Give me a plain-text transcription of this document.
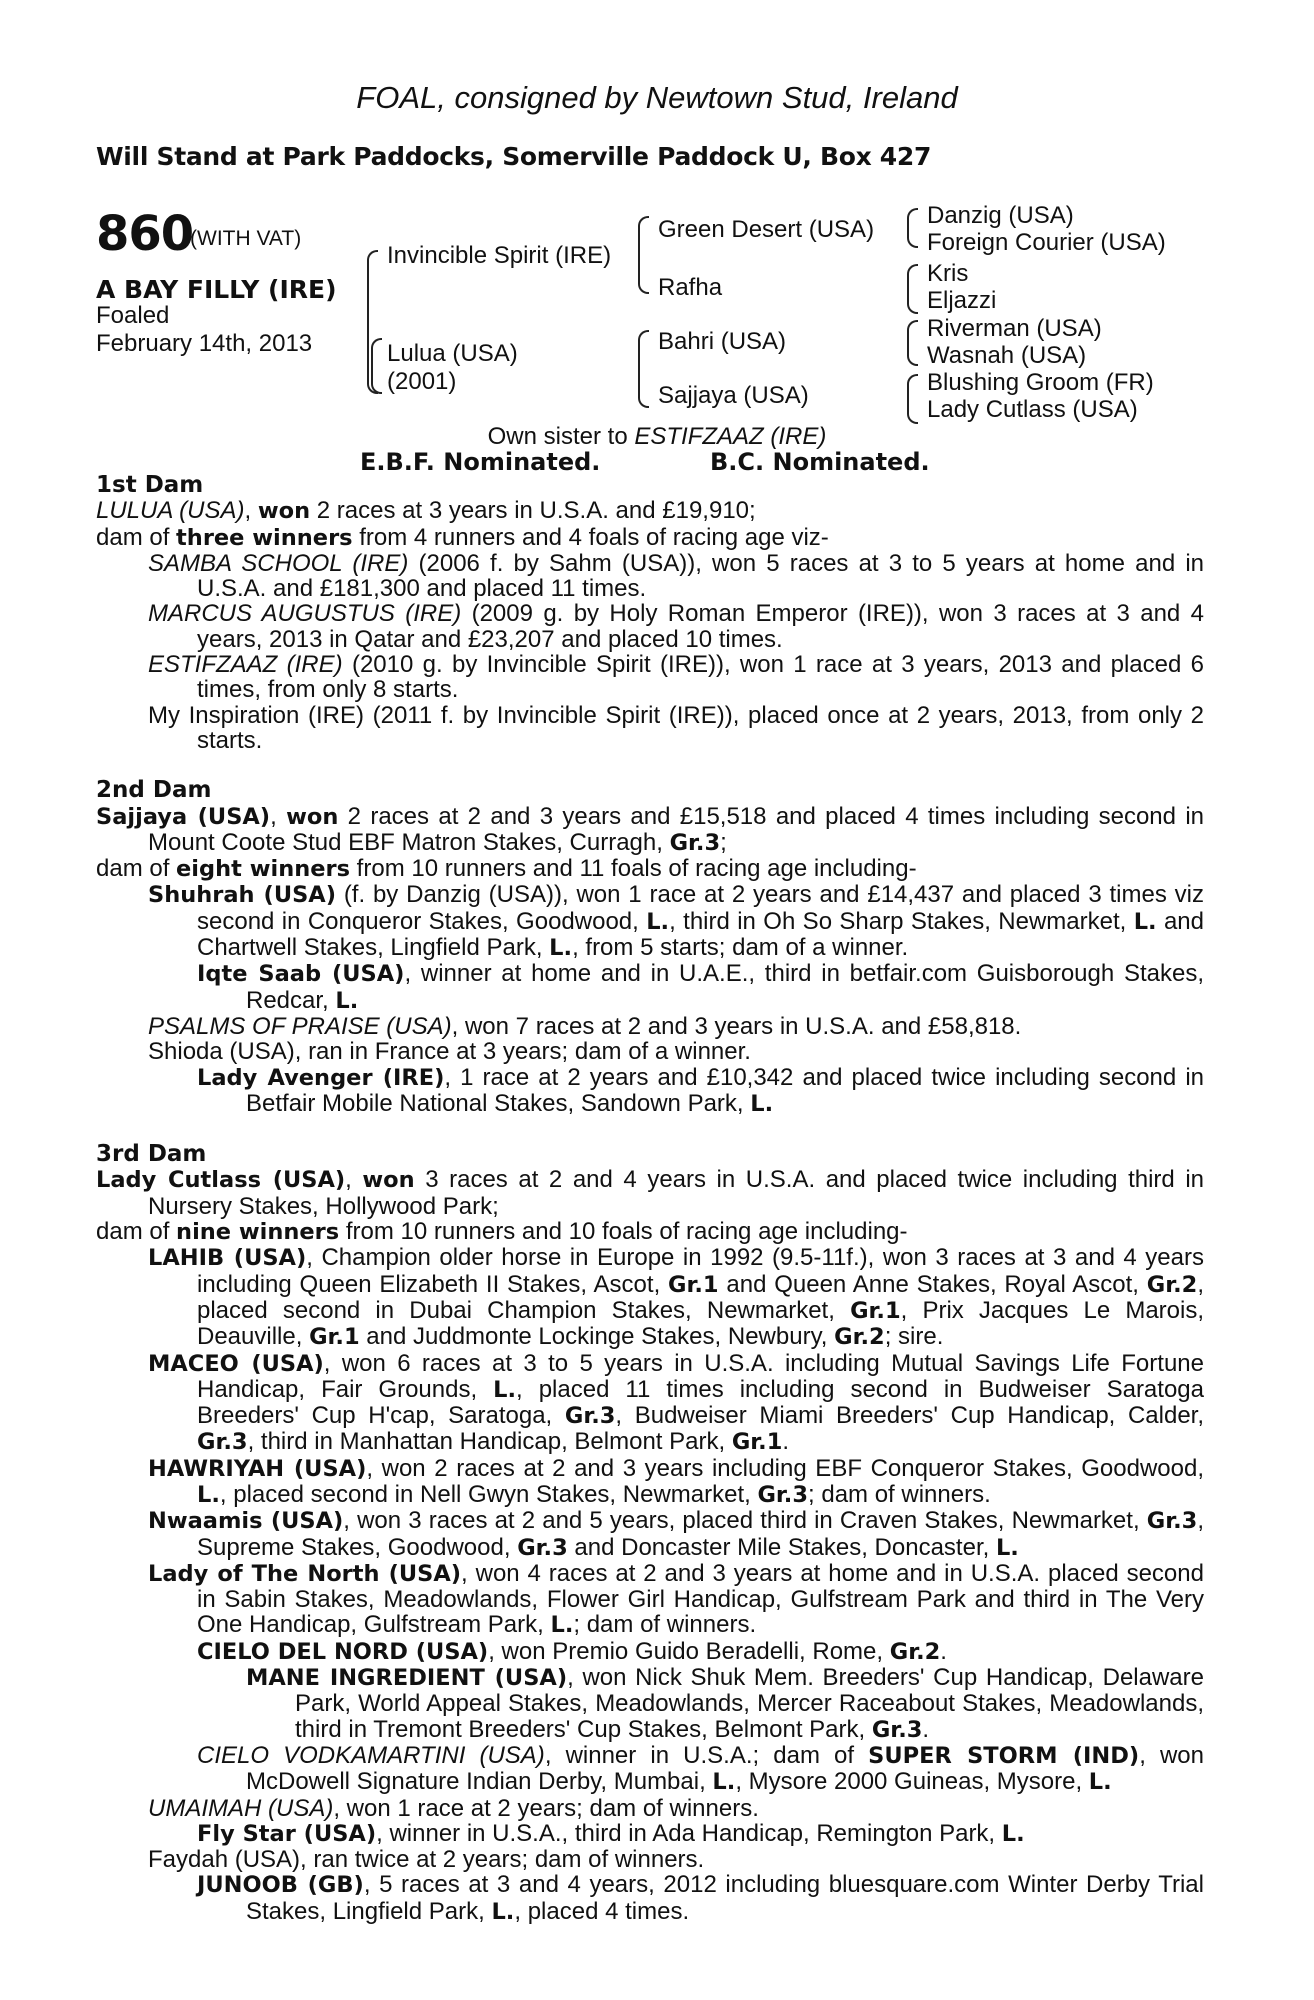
FOAL, consigned by Newtown Stud, Ireland
Will Stand at Park Paddocks, Somerville Paddock U, Box 427
860
(WITH VAT)
A BAY FILLY (IRE)
Foaled
February 14th, 2013
Invincible Spirit (IRE)
Lulua (USA)
(2001)
Green Desert (USA)
Rafha
Bahri (USA)
Sajjaya (USA)
Danzig (USA)
Foreign Courier (USA)
Kris
Eljazzi
Riverman (USA)
Wasnah (USA)
Blushing Groom (FR)
Lady Cutlass (USA)
Own sister to ESTIFZAAZ (IRE)
E.B.F. Nominated.	B.C. Nominated.

1st Dam

LULUA (USA), won 2 races at 3 years in U.S.A. and £19,910;

dam of three winners from 4 runners and 4 foals of racing age viz-

SAMBA SCHOOL (IRE) (2006 f. by Sahm (USA)), won 5 races at 3 to 5 years at home and in U.S.A. and £181,300 and placed 11 times.

MARCUS AUGUSTUS (IRE) (2009 g. by Holy Roman Emperor (IRE)), won 3 races at 3 and 4 years, 2013 in Qatar and £23,207 and placed 10 times.

ESTIFZAAZ (IRE) (2010 g. by Invincible Spirit (IRE)), won 1 race at 3 years, 2013 and placed 6 times, from only 8 starts.

My Inspiration (IRE) (2011 f. by Invincible Spirit (IRE)), placed once at 2 years, 2013, from only 2 starts.

2nd Dam

Sajjaya (USA), won 2 races at 2 and 3 years and £15,518 and placed 4 times including second in Mount Coote Stud EBF Matron Stakes, Curragh, Gr.3;

dam of eight winners from 10 runners and 11 foals of racing age including-

Shuhrah (USA) (f. by Danzig (USA)), won 1 race at 2 years and £14,437 and placed 3 times viz second in Conqueror Stakes, Goodwood, L., third in Oh So Sharp Stakes, Newmarket, L. and Chartwell Stakes, Lingfield Park, L., from 5 starts; dam of a winner.

Iqte Saab (USA), winner at home and in U.A.E., third in betfair.com Guisborough Stakes, Redcar, L.

PSALMS OF PRAISE (USA), won 7 races at 2 and 3 years in U.S.A. and £58,818.

Shioda (USA), ran in France at 3 years; dam of a winner.

Lady Avenger (IRE), 1 race at 2 years and £10,342 and placed twice including second in Betfair Mobile National Stakes, Sandown Park, L.

3rd Dam

Lady Cutlass (USA), won 3 races at 2 and 4 years in U.S.A. and placed twice including third in Nursery Stakes, Hollywood Park;

dam of nine winners from 10 runners and 10 foals of racing age including-

LAHIB (USA), Champion older horse in Europe in 1992 (9.5-11f.), won 3 races at 3 and 4 years including Queen Elizabeth II Stakes, Ascot, Gr.1 and Queen Anne Stakes, Royal Ascot, Gr.2, placed second in Dubai Champion Stakes, Newmarket, Gr.1, Prix Jacques Le Marois, Deauville, Gr.1 and Juddmonte Lockinge Stakes, Newbury, Gr.2; sire.

MACEO (USA), won 6 races at 3 to 5 years in U.S.A. including Mutual Savings Life Fortune Handicap, Fair Grounds, L., placed 11 times including second in Budweiser Saratoga Breeders' Cup H'cap, Saratoga, Gr.3, Budweiser Miami Breeders' Cup Handicap, Calder, Gr.3, third in Manhattan Handicap, Belmont Park, Gr.1.

HAWRIYAH (USA), won 2 races at 2 and 3 years including EBF Conqueror Stakes, Goodwood, L., placed second in Nell Gwyn Stakes, Newmarket, Gr.3; dam of winners.

Nwaamis (USA), won 3 races at 2 and 5 years, placed third in Craven Stakes, Newmarket, Gr.3, Supreme Stakes, Goodwood, Gr.3 and Doncaster Mile Stakes, Doncaster, L.

Lady of The North (USA), won 4 races at 2 and 3 years at home and in U.S.A. placed second in Sabin Stakes, Meadowlands, Flower Girl Handicap, Gulfstream Park and third in The Very One Handicap, Gulfstream Park, L.; dam of winners.

CIELO DEL NORD (USA), won Premio Guido Beradelli, Rome, Gr.2.

MANE INGREDIENT (USA), won Nick Shuk Mem. Breeders' Cup Handicap, Delaware Park, World Appeal Stakes, Meadowlands, Mercer Raceabout Stakes, Meadowlands, third in Tremont Breeders' Cup Stakes, Belmont Park, Gr.3.

CIELO VODKAMARTINI (USA), winner in U.S.A.; dam of SUPER STORM (IND), won McDowell Signature Indian Derby, Mumbai, L., Mysore 2000 Guineas, Mysore, L.

UMAIMAH (USA), won 1 race at 2 years; dam of winners.

Fly Star (USA), winner in U.S.A., third in Ada Handicap, Remington Park, L.

Faydah (USA), ran twice at 2 years; dam of winners.

JUNOOB (GB), 5 races at 3 and 4 years, 2012 including bluesquare.com Winter Derby Trial Stakes, Lingfield Park, L., placed 4 times.
